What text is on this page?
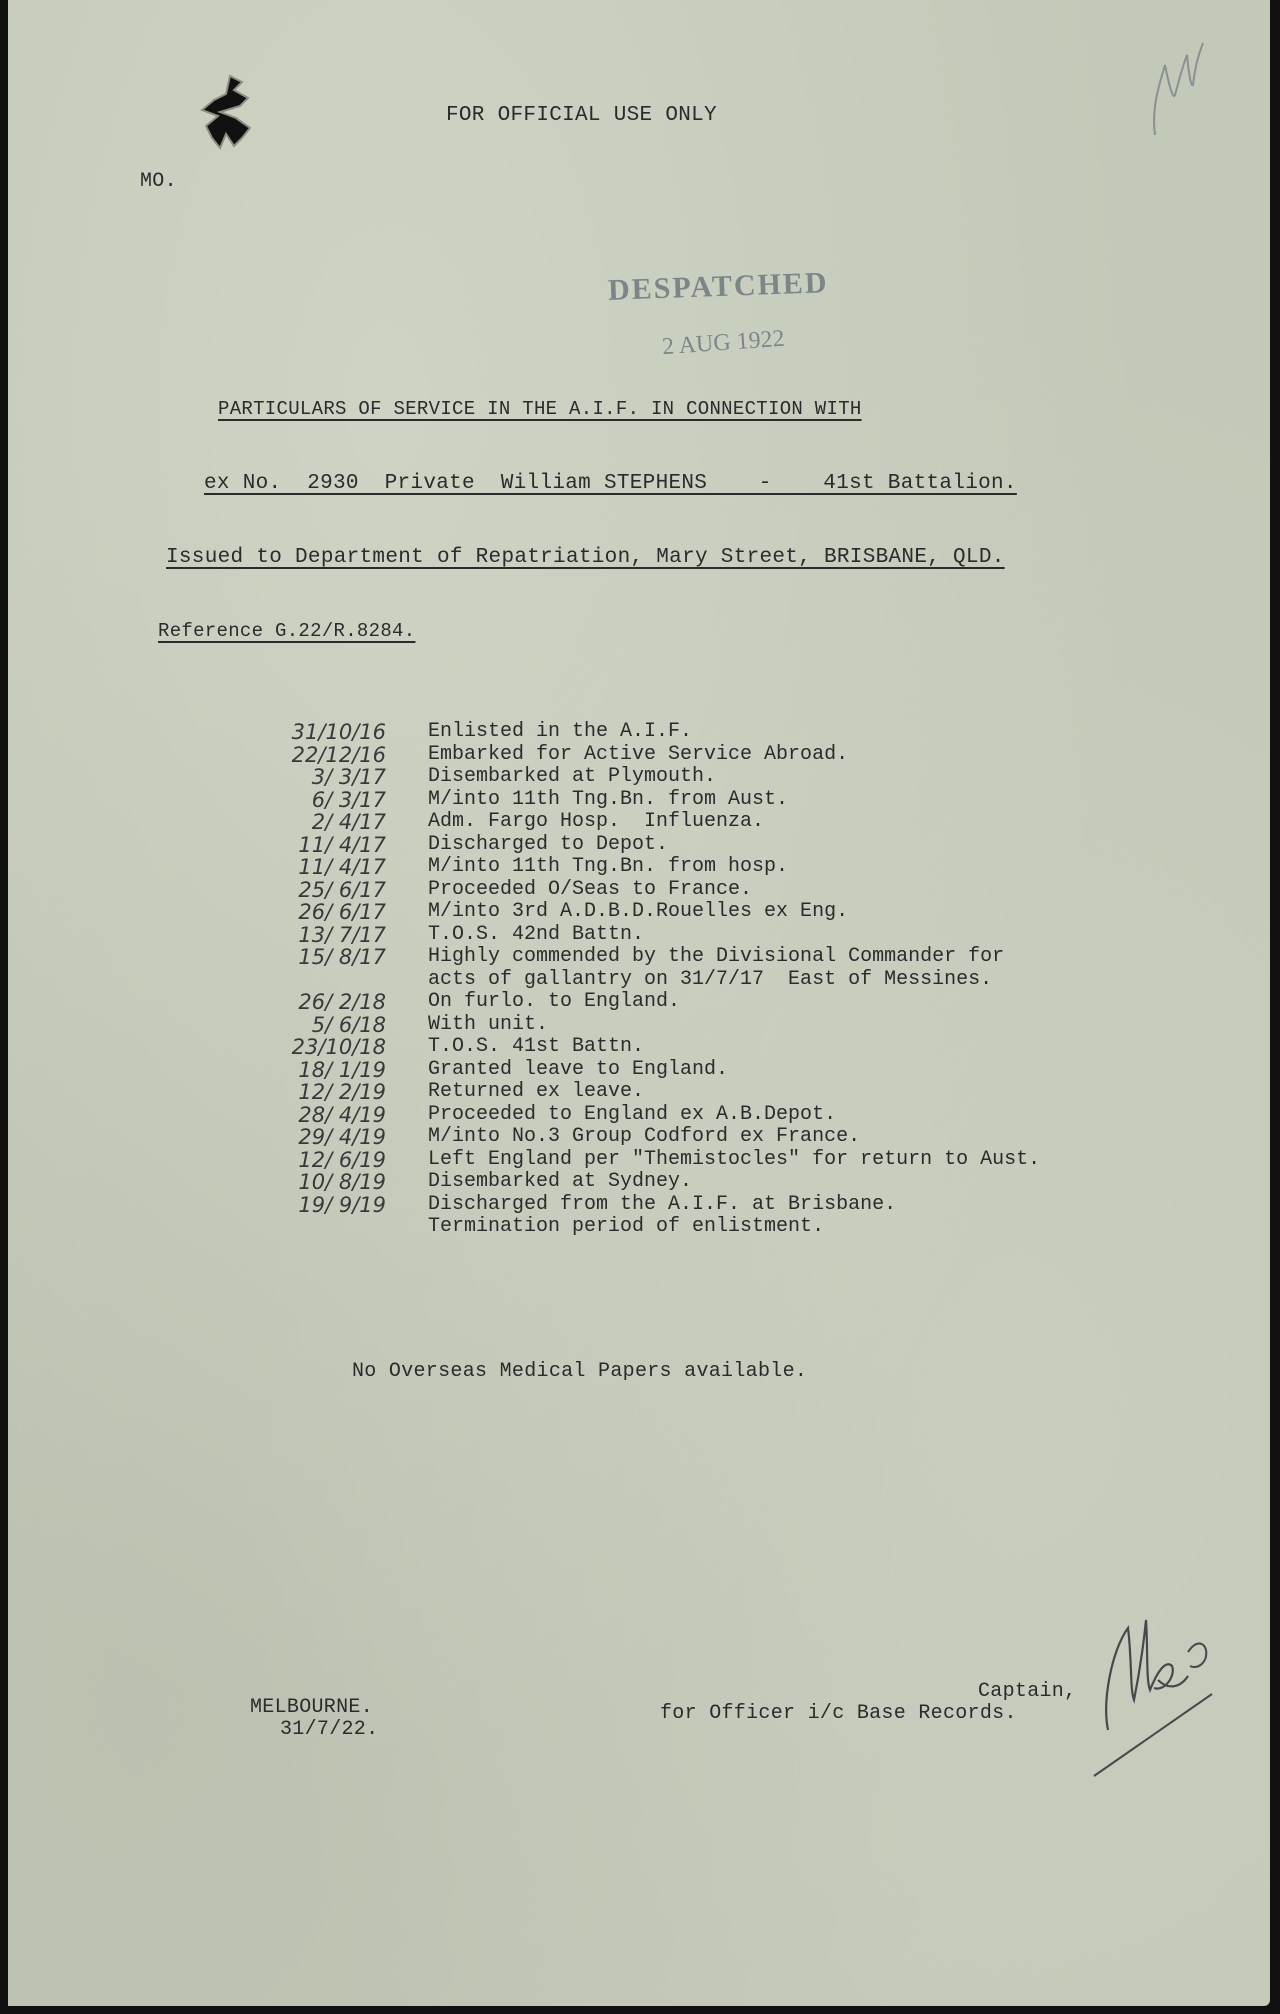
FOR OFFICIAL USE ONLY
MO.
DESPATCHED
2 AUG 1922
PARTICULARS OF SERVICE IN THE A.I.F. IN CONNECTION WITH
ex No.  2930  Private  William STEPHENS    -    41st Battalion.
Issued to Department of Repatriation, Mary Street, BRISBANE, QLD.
Reference G.22/R.8284.
31/10/16 Enlisted in the A.I.F.
22/12/16 Embarked for Active Service Abroad.
3/ 3/17 Disembarked at Plymouth.
6/ 3/17 M/into 11th Tng.Bn. from Aust.
2/ 4/17 Adm. Fargo Hosp.  Influenza.
11/ 4/17 Discharged to Depot.
11/ 4/17 M/into 11th Tng.Bn. from hosp.
25/ 6/17 Proceeded O/Seas to France.
26/ 6/17 M/into 3rd A.D.B.D.Rouelles ex Eng.
13/ 7/17 T.O.S. 42nd Battn.
15/ 8/17 Highly commended by the Divisional Commander for
acts of gallantry on 31/7/17  East of Messines.
26/ 2/18 On furlo. to England.
5/ 6/18 With unit.
23/10/18 T.O.S. 41st Battn.
18/ 1/19 Granted leave to England.
12/ 2/19 Returned ex leave.
28/ 4/19 Proceeded to England ex A.B.Depot.
29/ 4/19 M/into No.3 Group Codford ex France.
12/ 6/19 Left England per "Themistocles" for return to Aust.
10/ 8/19 Disembarked at Sydney.
19/ 9/19 Discharged from the A.I.F. at Brisbane.
Termination period of enlistment.
No Overseas Medical Papers available.
MELBOURNE.
31/7/22.
Captain,
for Officer i/c Base Records.
